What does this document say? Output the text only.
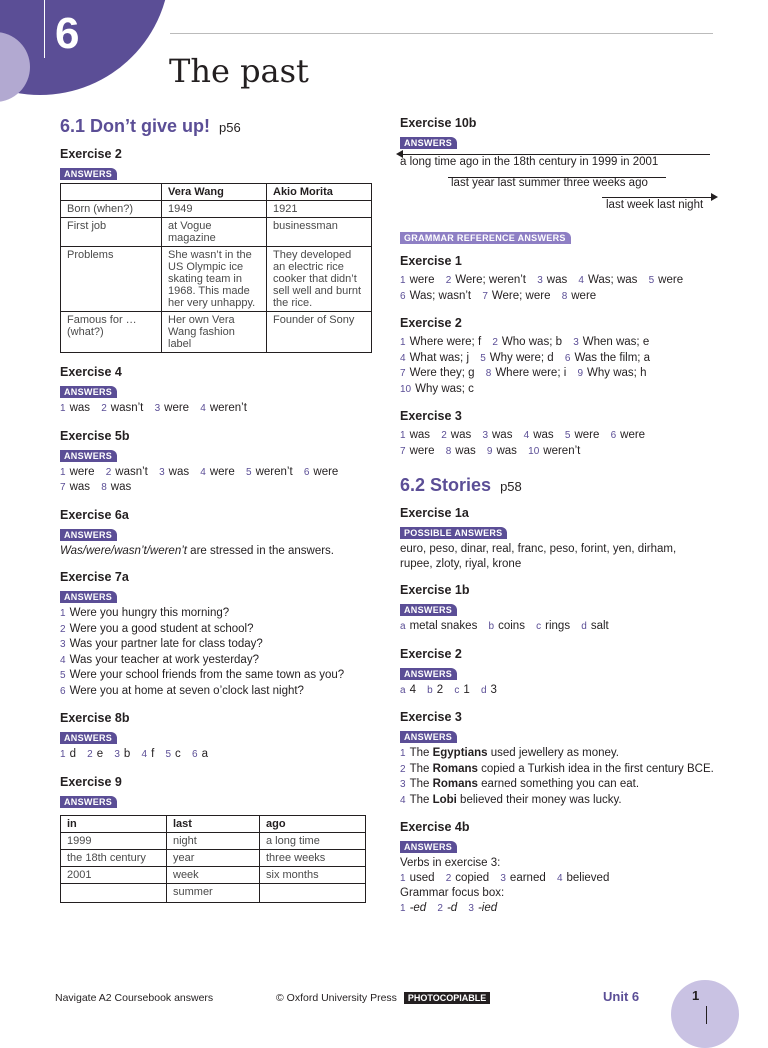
6
The past
6.1 Don’t give up! p56
Exercise 2
ANSWERS
	Vera Wang	Akio Morita
Born (when?)	1949	1921
First job	at Vogue magazine	businessman
Problems	She wasn’t in the US Olympic ice skating team in 1968. This made her very unhappy.	They developed an electric rice cooker that didn’t sell well and burnt the rice.
Famous for … (what?)	Her own Vera Wang fashion label	Founder of Sony
Exercise 4
ANSWERS
1 was 2 wasn’t 3 were 4 weren’t
Exercise 5b
ANSWERS
1 were 2 wasn’t 3 was 4 were 5 weren’t 6 were
7 was 8 was
Exercise 6a
ANSWERS
Was/were/wasn’t/weren’t are stressed in the answers.
Exercise 7a
ANSWERS
1 Were you hungry this morning?
2 Were you a good student at school?
3 Was your partner late for class today?
4 Was your teacher at work yesterday?
5 Were your school friends from the same town as you?
6 Were you at home at seven o’clock last night?
Exercise 8b
ANSWERS
1 d 2 e 3 b 4 f 5 c 6 a
Exercise 9
ANSWERS
in	last	ago
1999	night	a long time
the 18th century	year	three weeks
2001	week	six months
	summer	
Exercise 10b
ANSWERS
a long time ago in the 18th century in 1999 in 2001
last year last summer three weeks ago
last week last night
GRAMMAR REFERENCE ANSWERS
Exercise 1
1 were 2 Were; weren’t 3 was 4 Was; was 5 were
6 Was; wasn’t 7 Were; were 8 were
Exercise 2
1 Where were; f 2 Who was; b 3 When was; e
4 What was; j 5 Why were; d 6 Was the film; a
7 Were they; g 8 Where were; i 9 Why was; h
10 Why was; c
Exercise 3
1 was 2 was 3 was 4 was 5 were 6 were
7 were 8 was 9 was 10 weren’t
6.2 Stories p58
Exercise 1a
POSSIBLE ANSWERS
euro, peso, dinar, real, franc, peso, forint, yen, dirham, rupee, zloty, riyal, krone
Exercise 1b
ANSWERS
a metal snakes b coins c rings d salt
Exercise 2
ANSWERS
a 4 b 2 c 1 d 3
Exercise 3
ANSWERS
1 The Egyptians used jewellery as money.
2 The Romans copied a Turkish idea in the first century BCE.
3 The Romans earned something you can eat.
4 The Lobi believed their money was lucky.
Exercise 4b
ANSWERS
Verbs in exercise 3:
1 used 2 copied 3 earned 4 believed
Grammar focus box:
1 -ed 2 -d 3 -ied
Navigate A2 Coursebook answers	© Oxford University Press PHOTOCOPIABLE	Unit 6	1
